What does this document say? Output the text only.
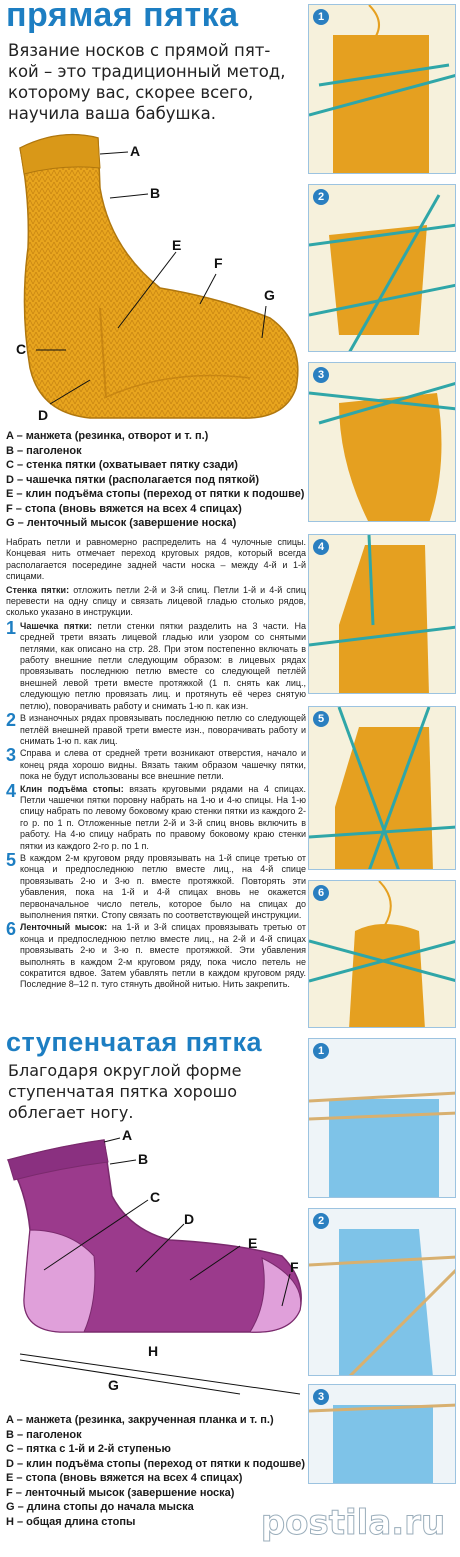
прямая пятка
Вязание носков с прямой пят-
кой – это традиционный метод,
которому вас, скорее всего,
научила ваша бабушка.
A
B
E
F
G
C
D
A – манжета (резинка, отворот и т. п.)
B – паголенок
C – стенка пятки (охватывает пятку сзади)
D – чашечка пятки (располагается под пяткой)
E – клин подъёма стопы (переход от пятки к подошве)
F – стопа (вновь вяжется на всех 4 спицах)
G – ленточный мысок (завершение носка)

Набрать петли и равномерно распределить на 4 чулочные спицы. Концевая нить отмечает переход круговых рядов, который всегда располагается посередине задней части носка – между 4-й и 1-й спицами.

Стенка пятки: отложить петли 2-й и 3-й спиц. Петли 1-й и 4-й спиц перевести на одну спицу и связать лицевой гладью столько рядов, сколько указано в инструкции.

1 Чашечка пятки: петли стенки пятки разделить на 3 части. На средней трети вязать лицевой гладью или узором со снятыми петлями, как описано на стр. 28. При этом постепенно включать в работу внешние петли следующим образом: в лицевых рядах провязывать последнюю петлю вместе со следующей петлёй внешней левой трети вместе протяжкой (1 п. снять как лиц., следующую петлю провязать лиц. и протянуть её через снятую петлю), поворачивать работу и снимать 1-ю п. как изн.
2 В изнаночных рядах провязывать последнюю петлю со следующей петлёй внешней правой трети вместе изн., поворачивать работу и снимать 1-ю п. как лиц.
3 Справа и слева от средней трети возникают отверстия, начало и конец ряда хорошо видны. Вязать таким образом чашечку пятки, пока не будут использованы все внешние петли.
4 Клин подъёма стопы: вязать круговыми рядами на 4 спицах. Петли чашечки пятки поровну набрать на 1-ю и 4-ю спицы. На 1-ю спицу набрать по левому боковому краю стенки пятки из каждого 2-го р. по 1 п. Отложенные петли 2-й и 3-й спиц вновь включить в работу. На 4-ю спицу набрать по правому боковому краю стенки пятки из каждого 2-го р. по 1 п.
5 В каждом 2-м круговом ряду провязывать на 1-й спице третью от конца и предпоследнюю петлю вместе лиц., на 4-й спице провязывать 2-ю и 3-ю п. вместе протяжкой. Повторять эти убавления, пока на 1-й и 4-й спицах вновь не окажется первоначальное число петель, которое было на спицах до выполнения пятки. Стопу связать по соответствующей инструкции.
6 Ленточный мысок: на 1-й и 3-й спицах провязывать третью от конца и предпоследнюю петлю вместе лиц., на 2-й и 4-й спицах провязывать 2-ю и 3-ю п. вместе протяжкой. Эти убавления выполнять в каждом 2-м круговом ряду, пока число петель не сократится вдвое. Затем убавлять петли в каждом круговом ряду. Последние 8–12 п. туго стянуть двойной нитью. Нить закрепить.
1
2
3
4
5
6
ступенчатая пятка
Благодаря округлой форме
ступенчатая пятка хорошо
облегает ногу.
A
B
C
D
E
F
H
G
A – манжета (резинка, закрученная планка и т. п.)
B – паголенок
C – пятка с 1-й и 2-й ступенью
D – клин подъёма стопы (переход от пятки к подошве)
E – стопа (вновь вяжется на всех 4 спицах)
F – ленточный мысок (завершение носка)
G – длина стопы до начала мыска
H – общая длина стопы
1
2
3
postila.ru
